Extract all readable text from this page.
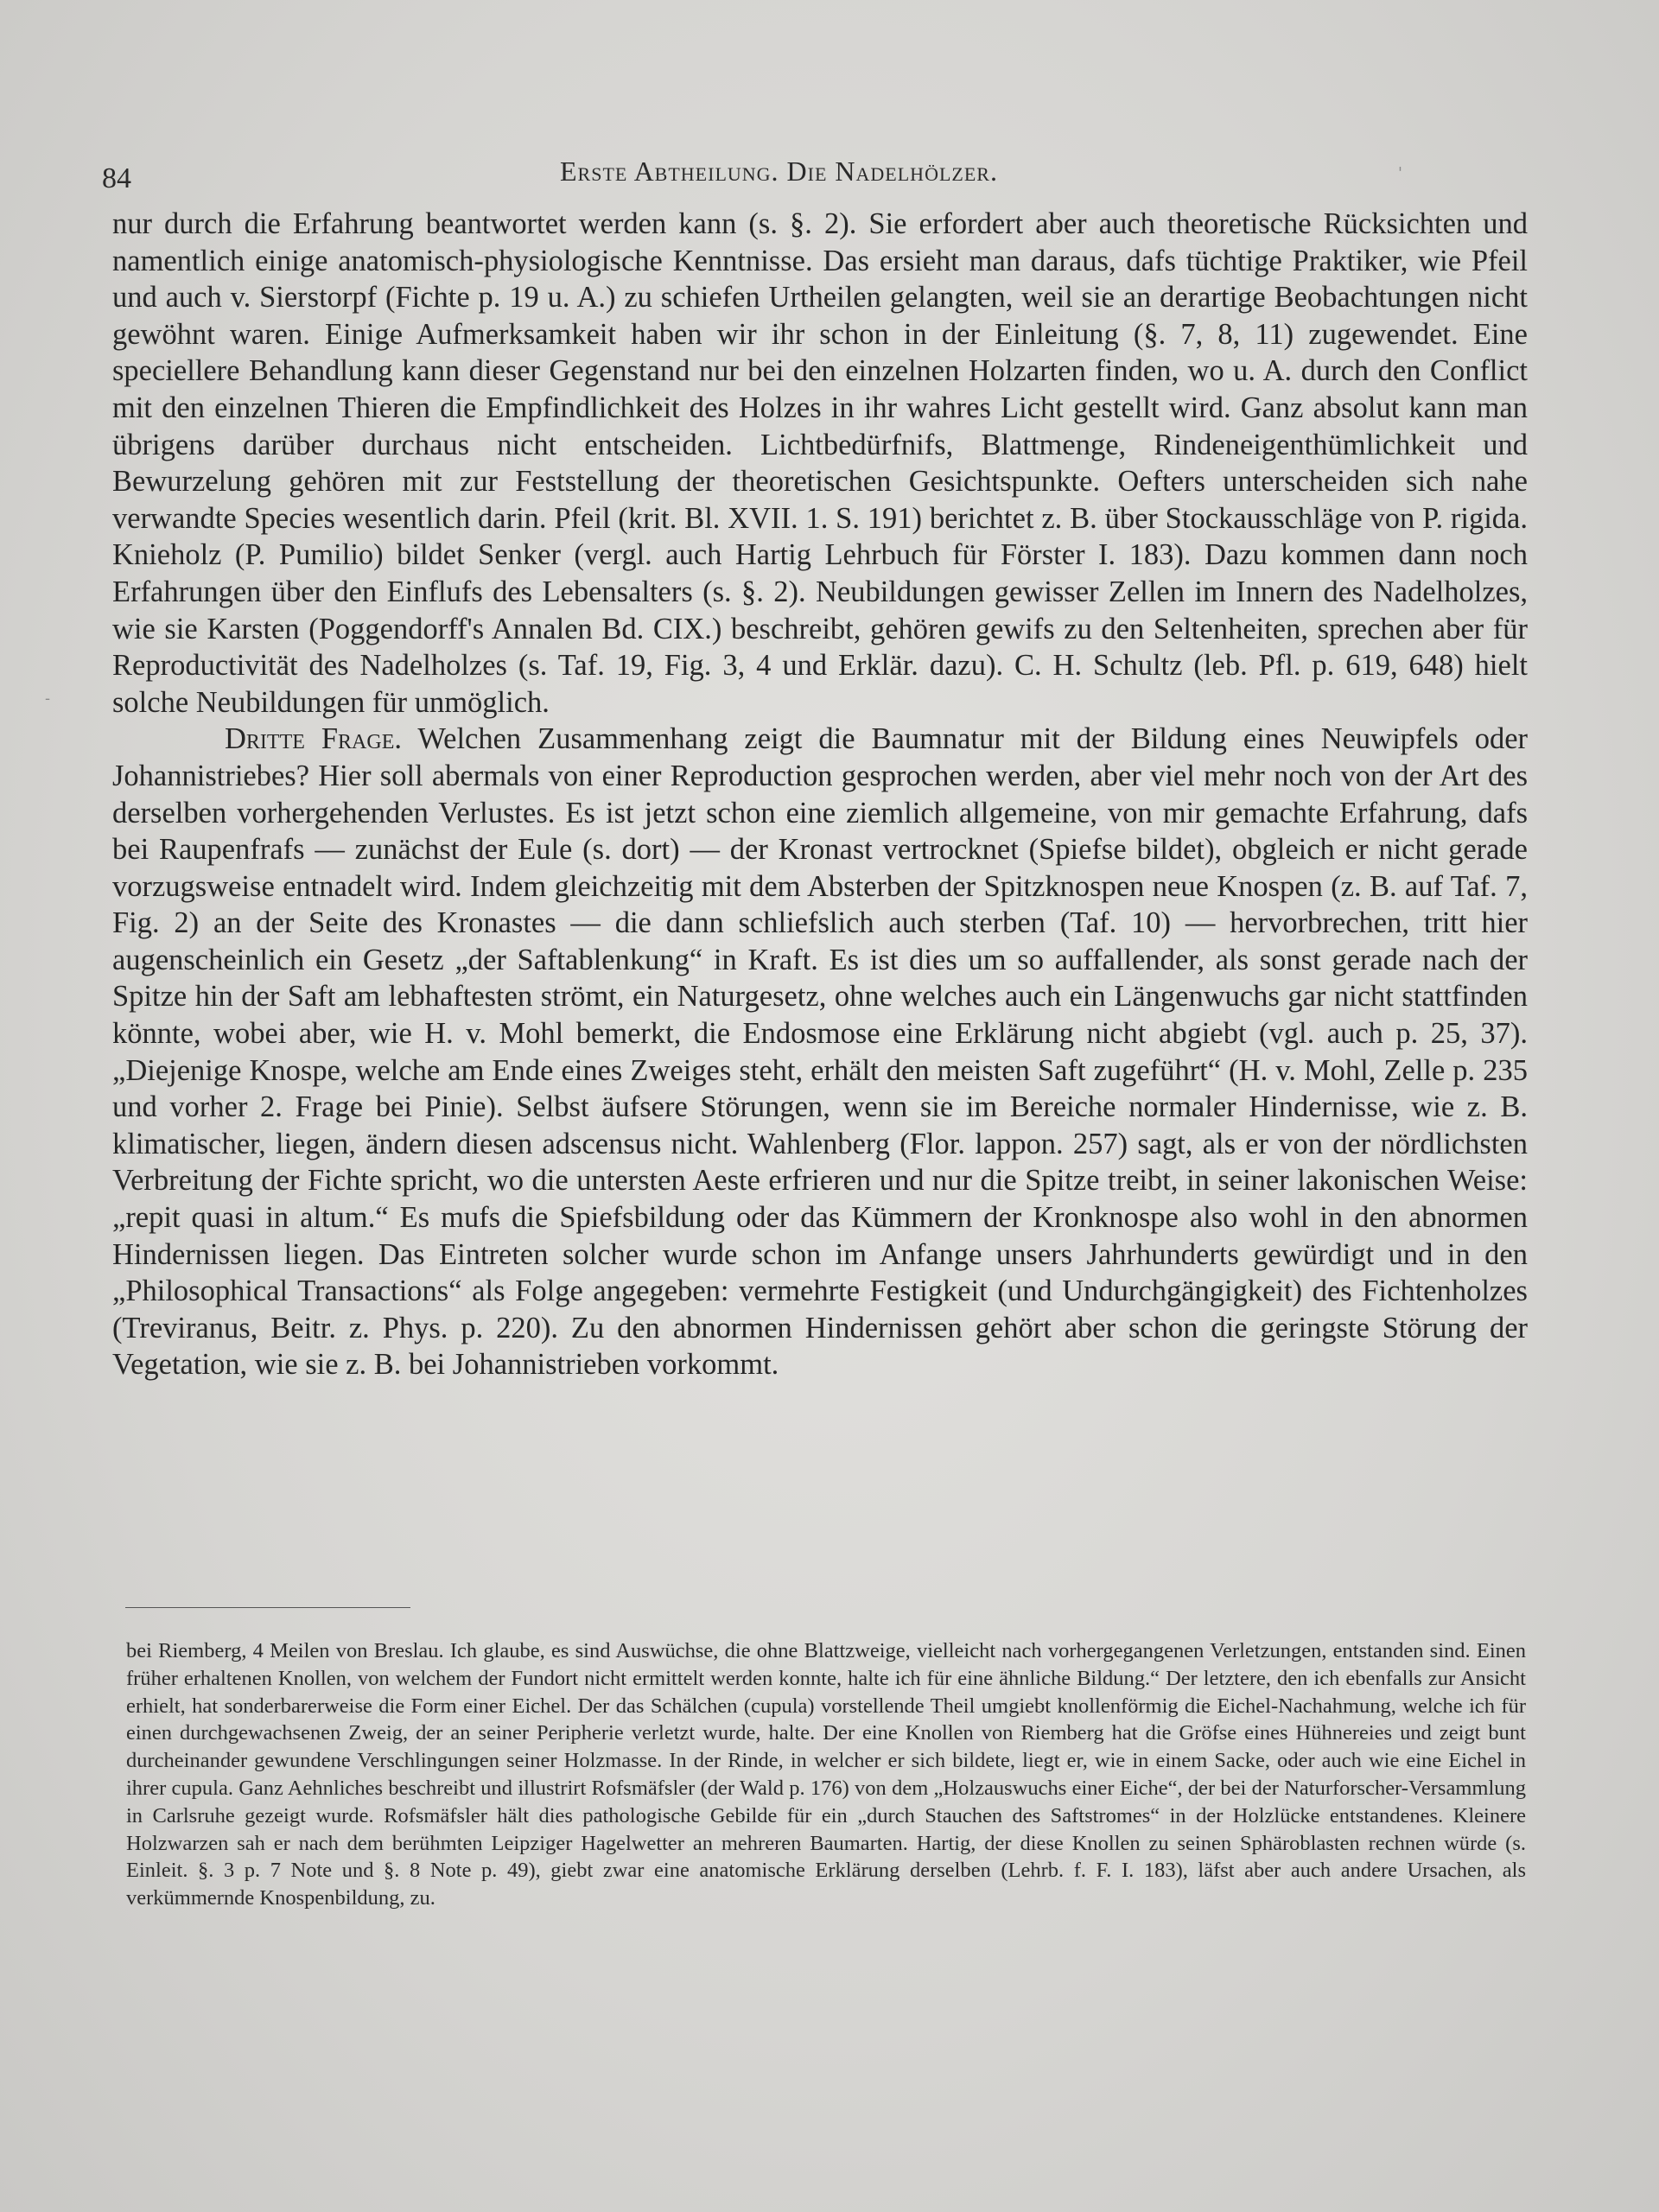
84	Erste Abtheilung. Die Nadelhölzer.

nur durch die Erfahrung beantwortet werden kann (s. §. 2). Sie erfordert aber auch theoretische Rücksichten und namentlich einige anatomisch-physiologische Kenntnisse. Das ersieht man daraus, dafs tüchtige Praktiker, wie Pfeil und auch v. Sierstorpf (Fichte p. 19 u. A.) zu schiefen Urtheilen gelangten, weil sie an derartige Beobachtungen nicht gewöhnt waren. Einige Aufmerksamkeit haben wir ihr schon in der Einleitung (§. 7, 8, 11) zugewendet. Eine speciellere Behandlung kann dieser Gegenstand nur bei den einzelnen Holzarten finden, wo u. A. durch den Conflict mit den einzelnen Thieren die Empfindlichkeit des Holzes in ihr wahres Licht gestellt wird. Ganz absolut kann man übrigens darüber durchaus nicht entscheiden. Lichtbedürfnifs, Blattmenge, Rindeneigenthümlichkeit und Bewurzelung gehören mit zur Feststellung der theoretischen Gesichtspunkte. Oefters unterscheiden sich nahe verwandte Species wesentlich darin. Pfeil (krit. Bl. XVII. 1. S. 191) berichtet z. B. über Stockausschläge von P. rigida. Knieholz (P. Pumilio) bildet Senker (vergl. auch Hartig Lehrbuch für Förster I. 183). Dazu kommen dann noch Erfahrungen über den Einflufs des Lebensalters (s. §. 2). Neubildungen gewisser Zellen im Innern des Nadelholzes, wie sie Karsten (Poggendorff's Annalen Bd. CIX.) beschreibt, gehören gewifs zu den Seltenheiten, sprechen aber für Reproductivität des Nadelholzes (s. Taf. 19, Fig. 3, 4 und Erklär. dazu). C. H. Schultz (leb. Pfl. p. 619, 648) hielt solche Neubildungen für unmöglich.

Dritte Frage. Welchen Zusammenhang zeigt die Baumnatur mit der Bildung eines Neuwipfels oder Johannistriebes? Hier soll abermals von einer Reproduction gesprochen werden, aber viel mehr noch von der Art des derselben vorhergehenden Verlustes. Es ist jetzt schon eine ziemlich allgemeine, von mir gemachte Erfahrung, dafs bei Raupenfrafs — zunächst der Eule (s. dort) — der Kronast vertrocknet (Spiefse bildet), obgleich er nicht gerade vorzugsweise entnadelt wird. Indem gleichzeitig mit dem Absterben der Spitzknospen neue Knospen (z. B. auf Taf. 7, Fig. 2) an der Seite des Kronastes — die dann schliefslich auch sterben (Taf. 10) — hervorbrechen, tritt hier augenscheinlich ein Gesetz „der Saftablenkung“ in Kraft. Es ist dies um so auffallender, als sonst gerade nach der Spitze hin der Saft am lebhaftesten strömt, ein Naturgesetz, ohne welches auch ein Längenwuchs gar nicht stattfinden könnte, wobei aber, wie H. v. Mohl bemerkt, die Endosmose eine Erklärung nicht abgiebt (vgl. auch p. 25, 37). „Diejenige Knospe, welche am Ende eines Zweiges steht, erhält den meisten Saft zugeführt“ (H. v. Mohl, Zelle p. 235 und vorher 2. Frage bei Pinie). Selbst äufsere Störungen, wenn sie im Bereiche normaler Hindernisse, wie z. B. klimatischer, liegen, ändern diesen adscensus nicht. Wahlenberg (Flor. lappon. 257) sagt, als er von der nördlichsten Verbreitung der Fichte spricht, wo die untersten Aeste erfrieren und nur die Spitze treibt, in seiner lakonischen Weise: „repit quasi in altum.“ Es mufs die Spiefsbildung oder das Kümmern der Kronknospe also wohl in den abnormen Hindernissen liegen. Das Eintreten solcher wurde schon im Anfange unsers Jahrhunderts gewürdigt und in den „Philosophical Transactions“ als Folge angegeben: vermehrte Festigkeit (und Undurchgängigkeit) des Fichtenholzes (Treviranus, Beitr. z. Phys. p. 220). Zu den abnormen Hindernissen gehört aber schon die geringste Störung der Vegetation, wie sie z. B. bei Johannistrieben vorkommt.

bei Riemberg, 4 Meilen von Breslau. Ich glaube, es sind Auswüchse, die ohne Blattzweige, vielleicht nach vorhergegangenen Verletzungen, entstanden sind. Einen früher erhaltenen Knollen, von welchem der Fundort nicht ermittelt werden konnte, halte ich für eine ähnliche Bildung.“ Der letztere, den ich ebenfalls zur Ansicht erhielt, hat sonderbarerweise die Form einer Eichel. Der das Schälchen (cupula) vorstellende Theil umgiebt knollenförmig die Eichel-Nachahmung, welche ich für einen durchgewachsenen Zweig, der an seiner Peripherie verletzt wurde, halte. Der eine Knollen von Riemberg hat die Gröfse eines Hühnereies und zeigt bunt durcheinander gewundene Verschlingungen seiner Holzmasse. In der Rinde, in welcher er sich bildete, liegt er, wie in einem Sacke, oder auch wie eine Eichel in ihrer cupula. Ganz Aehnliches beschreibt und illustrirt Rofsmäfsler (der Wald p. 176) von dem „Holzauswuchs einer Eiche“, der bei der Naturforscher-Versammlung in Carlsruhe gezeigt wurde. Rofsmäfsler hält dies pathologische Gebilde für ein „durch Stauchen des Saftstromes“ in der Holzlücke entstandenes. Kleinere Holzwarzen sah er nach dem berühmten Leipziger Hagelwetter an mehreren Baumarten. Hartig, der diese Knollen zu seinen Sphäroblasten rechnen würde (s. Einleit. §. 3 p. 7 Note und §. 8 Note p. 49), giebt zwar eine anatomische Erklärung derselben (Lehrb. f. F. I. 183), läfst aber auch andere Ursachen, als verkümmernde Knospenbildung, zu.

-
'
